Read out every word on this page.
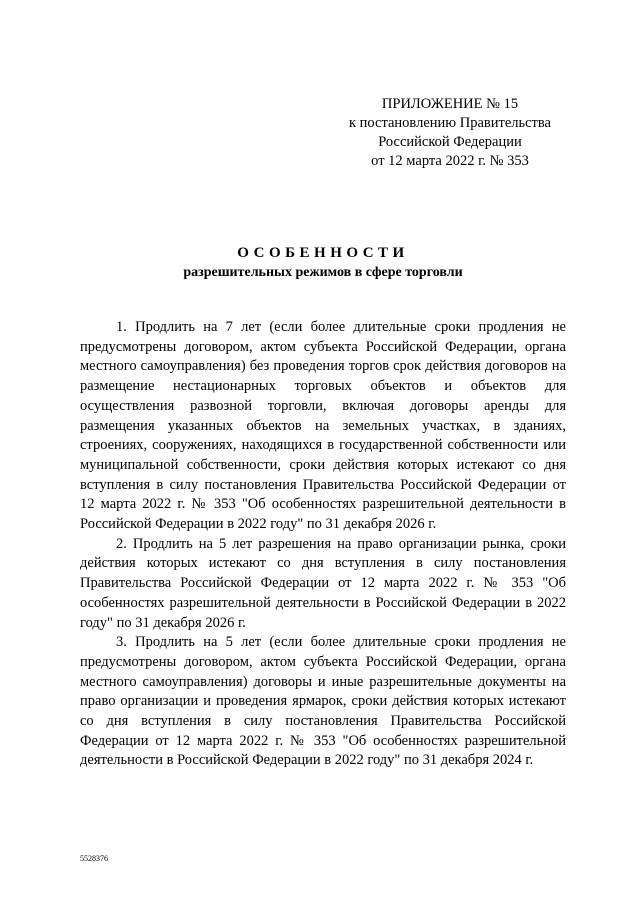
ПРИЛОЖЕНИЕ № 15
к постановлению Правительства
Российской Федерации
от 12 марта 2022 г. № 353
ОСОБЕННОСТИ
разрешительных режимов в сфере торговли

1. Продлить на 7 лет (если более длительные сроки продления не предусмотрены договором, актом субъекта Российской Федерации, органа местного самоуправления) без проведения торгов срок действия договоров на размещение нестационарных торговых объектов и объектов для осуществления развозной торговли, включая договоры аренды для размещения указанных объектов на земельных участках, в зданиях, строениях, сооружениях, находящихся в государственной собственности или муниципальной собственности, сроки действия которых истекают со дня вступления в силу постановления Правительства Российской Федерации от 12 марта 2022 г. № 353 "Об особенностях разрешительной деятельности в Российской Федерации в 2022 году" по 31 декабря 2026 г.

2. Продлить на 5 лет разрешения на право организации рынка, сроки действия которых истекают со дня вступления в силу постановления Правительства Российской Федерации от 12 марта 2022 г. № 353 "Об особенностях разрешительной деятельности в Российской Федерации в 2022 году" по 31 декабря 2026 г.

3. Продлить на 5 лет (если более длительные сроки продления не предусмотрены договором, актом субъекта Российской Федерации, органа местного самоуправления) договоры и иные разрешительные документы на право организации и проведения ярмарок, сроки действия которых истекают со дня вступления в силу постановления Правительства Российской Федерации от 12 марта 2022 г. № 353 "Об особенностях разрешительной деятельности в Российской Федерации в 2022 году" по 31 декабря 2024 г.

5528376
